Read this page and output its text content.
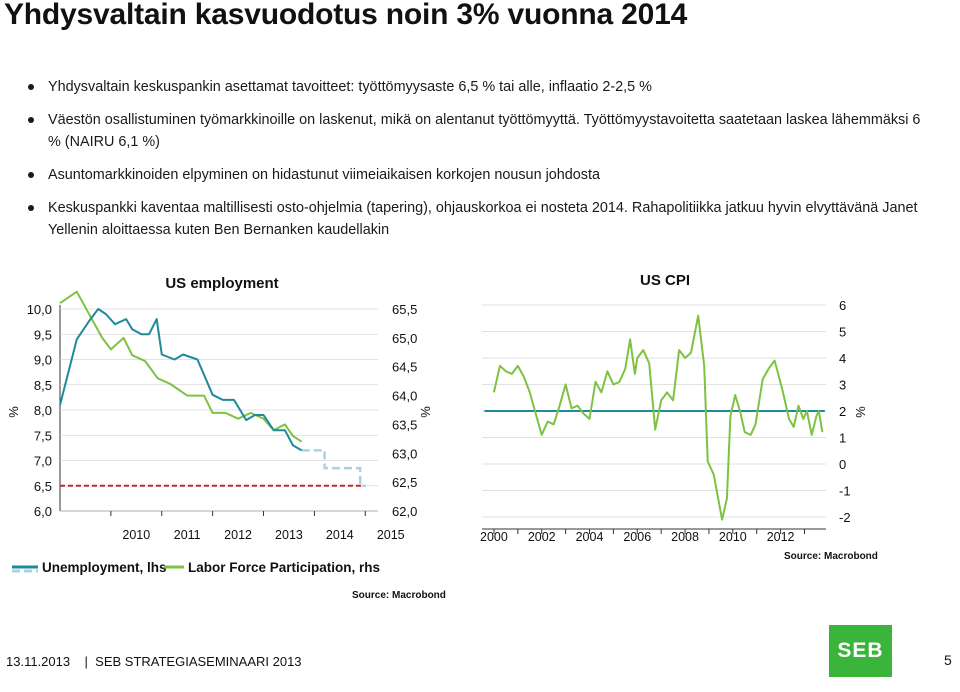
Yhdysvaltain kasvuodotus noin 3% vuonna 2014
Yhdysvaltain keskuspankin asettamat tavoitteet: työttömyysaste 6,5 % tai alle, inflaatio 2-2,5 %
Väestön osallistuminen työmarkkinoille on laskenut, mikä on alentanut työttömyyttä. Työttömyystavoitetta saatetaan laskea lähemmäksi 6 % (NAIRU 6,1 %)
Asuntomarkkinoiden elpyminen on hidastunut viimeiaikaisen korkojen nousun johdosta
Keskuspankki kaventaa maltillisesti osto-ohjelmia (tapering), ohjauskorkoa ei nosteta 2014. Rahapolitiikka jatkuu hyvin elvyttävänä Janet Yellenin aloittaessa kuten Ben Bernanken kaudellakin
US employment
%	%
10,0
9,5
9,0
8,5
8,0
7,5
7,0
6,5
6,0
65,5
65,0
64,5
64,0
63,5
63,0
62,5
62,0
2010 2011 2012 2013 2014 2015
Unemployment, lhs Labor Force Participation, rhs
Source: Macrobond
US CPI
%
6
5
4
3
2
1
0
-1
-2
2000 2002 2004 2006 2008 2010 2012
Source: Macrobond
13.11.2013    |  SEB STRATEGIASEMINAARI 2013	SEB	5
